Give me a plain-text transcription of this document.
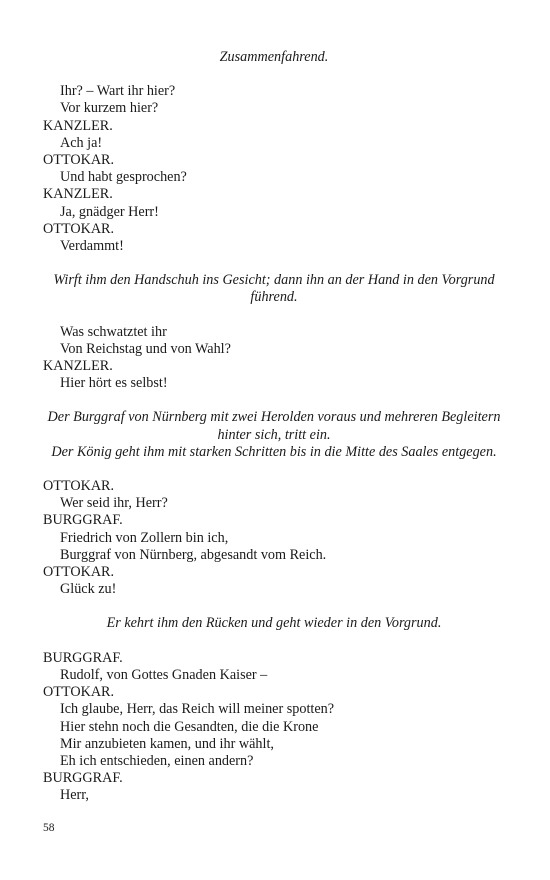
Zusammenfahrend.
Ihr? – Wart ihr hier?
Vor kurzem hier?
KANZLER.
Ach ja!
OTTOKAR.
Und habt gesprochen?
KANZLER.
Ja, gnädger Herr!
OTTOKAR.
Verdammt!
Wirft ihm den Handschuh ins Gesicht; dann ihn an der Hand in den Vorgrund führend.
Was schwatztet ihr
Von Reichstag und von Wahl?
KANZLER.
Hier hört es selbst!
Der Burggraf von Nürnberg mit zwei Herolden voraus und mehreren Begleitern hinter sich, tritt ein.
Der König geht ihm mit starken Schritten bis in die Mitte des Saales entgegen.
OTTOKAR.
Wer seid ihr, Herr?
BURGGRAF.
Friedrich von Zollern bin ich,
Burggraf von Nürnberg, abgesandt vom Reich.
OTTOKAR.
Glück zu!
Er kehrt ihm den Rücken und geht wieder in den Vorgrund.
BURGGRAF.
Rudolf, von Gottes Gnaden Kaiser –
OTTOKAR.
Ich glaube, Herr, das Reich will meiner spotten?
Hier stehn noch die Gesandten, die die Krone
Mir anzubieten kamen, und ihr wählt,
Eh ich entschieden, einen andern?
BURGGRAF.
Herr,
58
